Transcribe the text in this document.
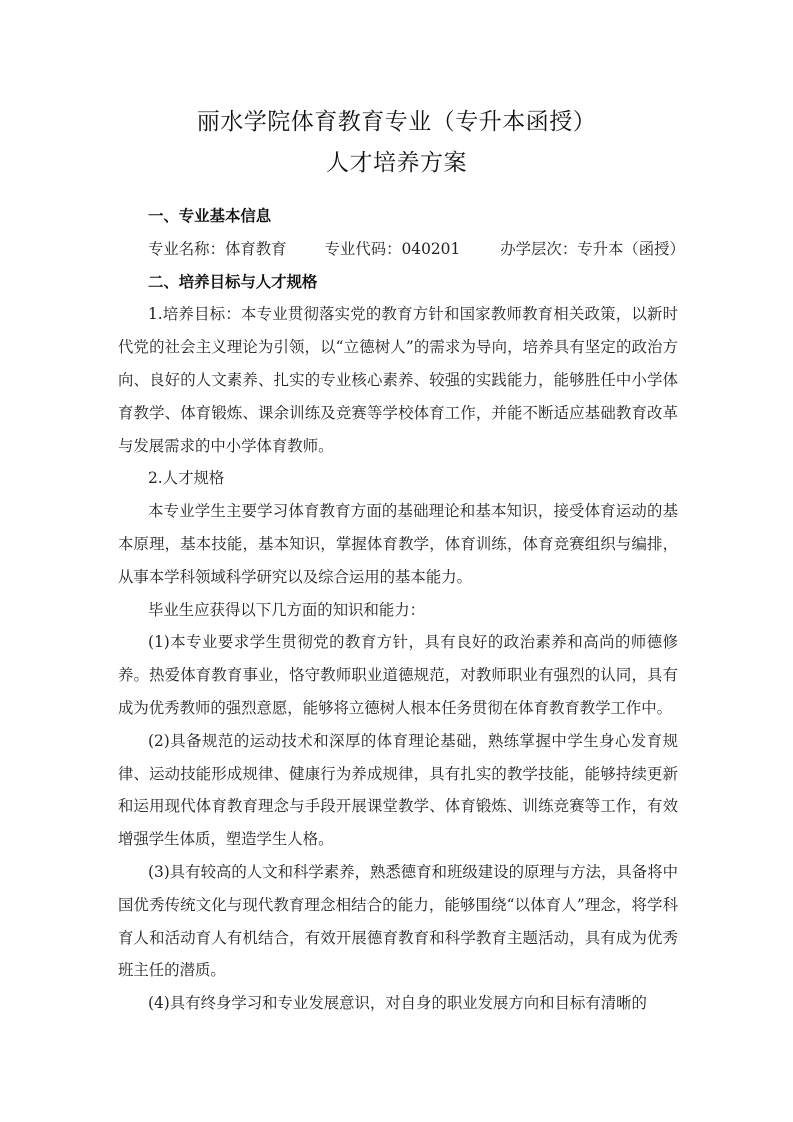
丽水学院体育教育专业（专升本函授）
人才培养方案

一、专业基本信息

专业名称：体育教育 专业代码：040201	办学层次：专升本（函授）

二、培养目标与人才规格

1.培养目标：本专业贯彻落实党的教育方针和国家教师教育相关政策，以新时代党的社会主义理论为引领，以“立德树人”的需求为导向，培养具有坚定的政治方向、良好的人文素养、扎实的专业核心素养、较强的实践能力，能够胜任中小学体育教学、体育锻炼、课余训练及竞赛等学校体育工作，并能不断适应基础教育改革与发展需求的中小学体育教师。

2.人才规格

本专业学生主要学习体育教育方面的基础理论和基本知识，接受体育运动的基本原理，基本技能，基本知识，掌握体育教学，体育训练，体育竞赛组织与编排，从事本学科领域科学研究以及综合运用的基本能力。

毕业生应获得以下几方面的知识和能力：

(1)本专业要求学生贯彻党的教育方针，具有良好的政治素养和高尚的师德修养。热爱体育教育事业，恪守教师职业道德规范，对教师职业有强烈的认同，具有成为优秀教师的强烈意愿，能够将立德树人根本任务贯彻在体育教育教学工作中。

(2)具备规范的运动技术和深厚的体育理论基础，熟练掌握中学生身心发育规律、运动技能形成规律、健康行为养成规律，具有扎实的教学技能，能够持续更新和运用现代体育教育理念与手段开展课堂教学、体育锻炼、训练竞赛等工作，有效增强学生体质，塑造学生人格。

(3)具有较高的人文和科学素养，熟悉德育和班级建设的原理与方法，具备将中国优秀传统文化与现代教育理念相结合的能力，能够围绕“以体育人”理念，将学科育人和活动育人有机结合，有效开展德育教育和科学教育主题活动，具有成为优秀班主任的潜质。

(4)具有终身学习和专业发展意识，对自身的职业发展方向和目标有清晰的
